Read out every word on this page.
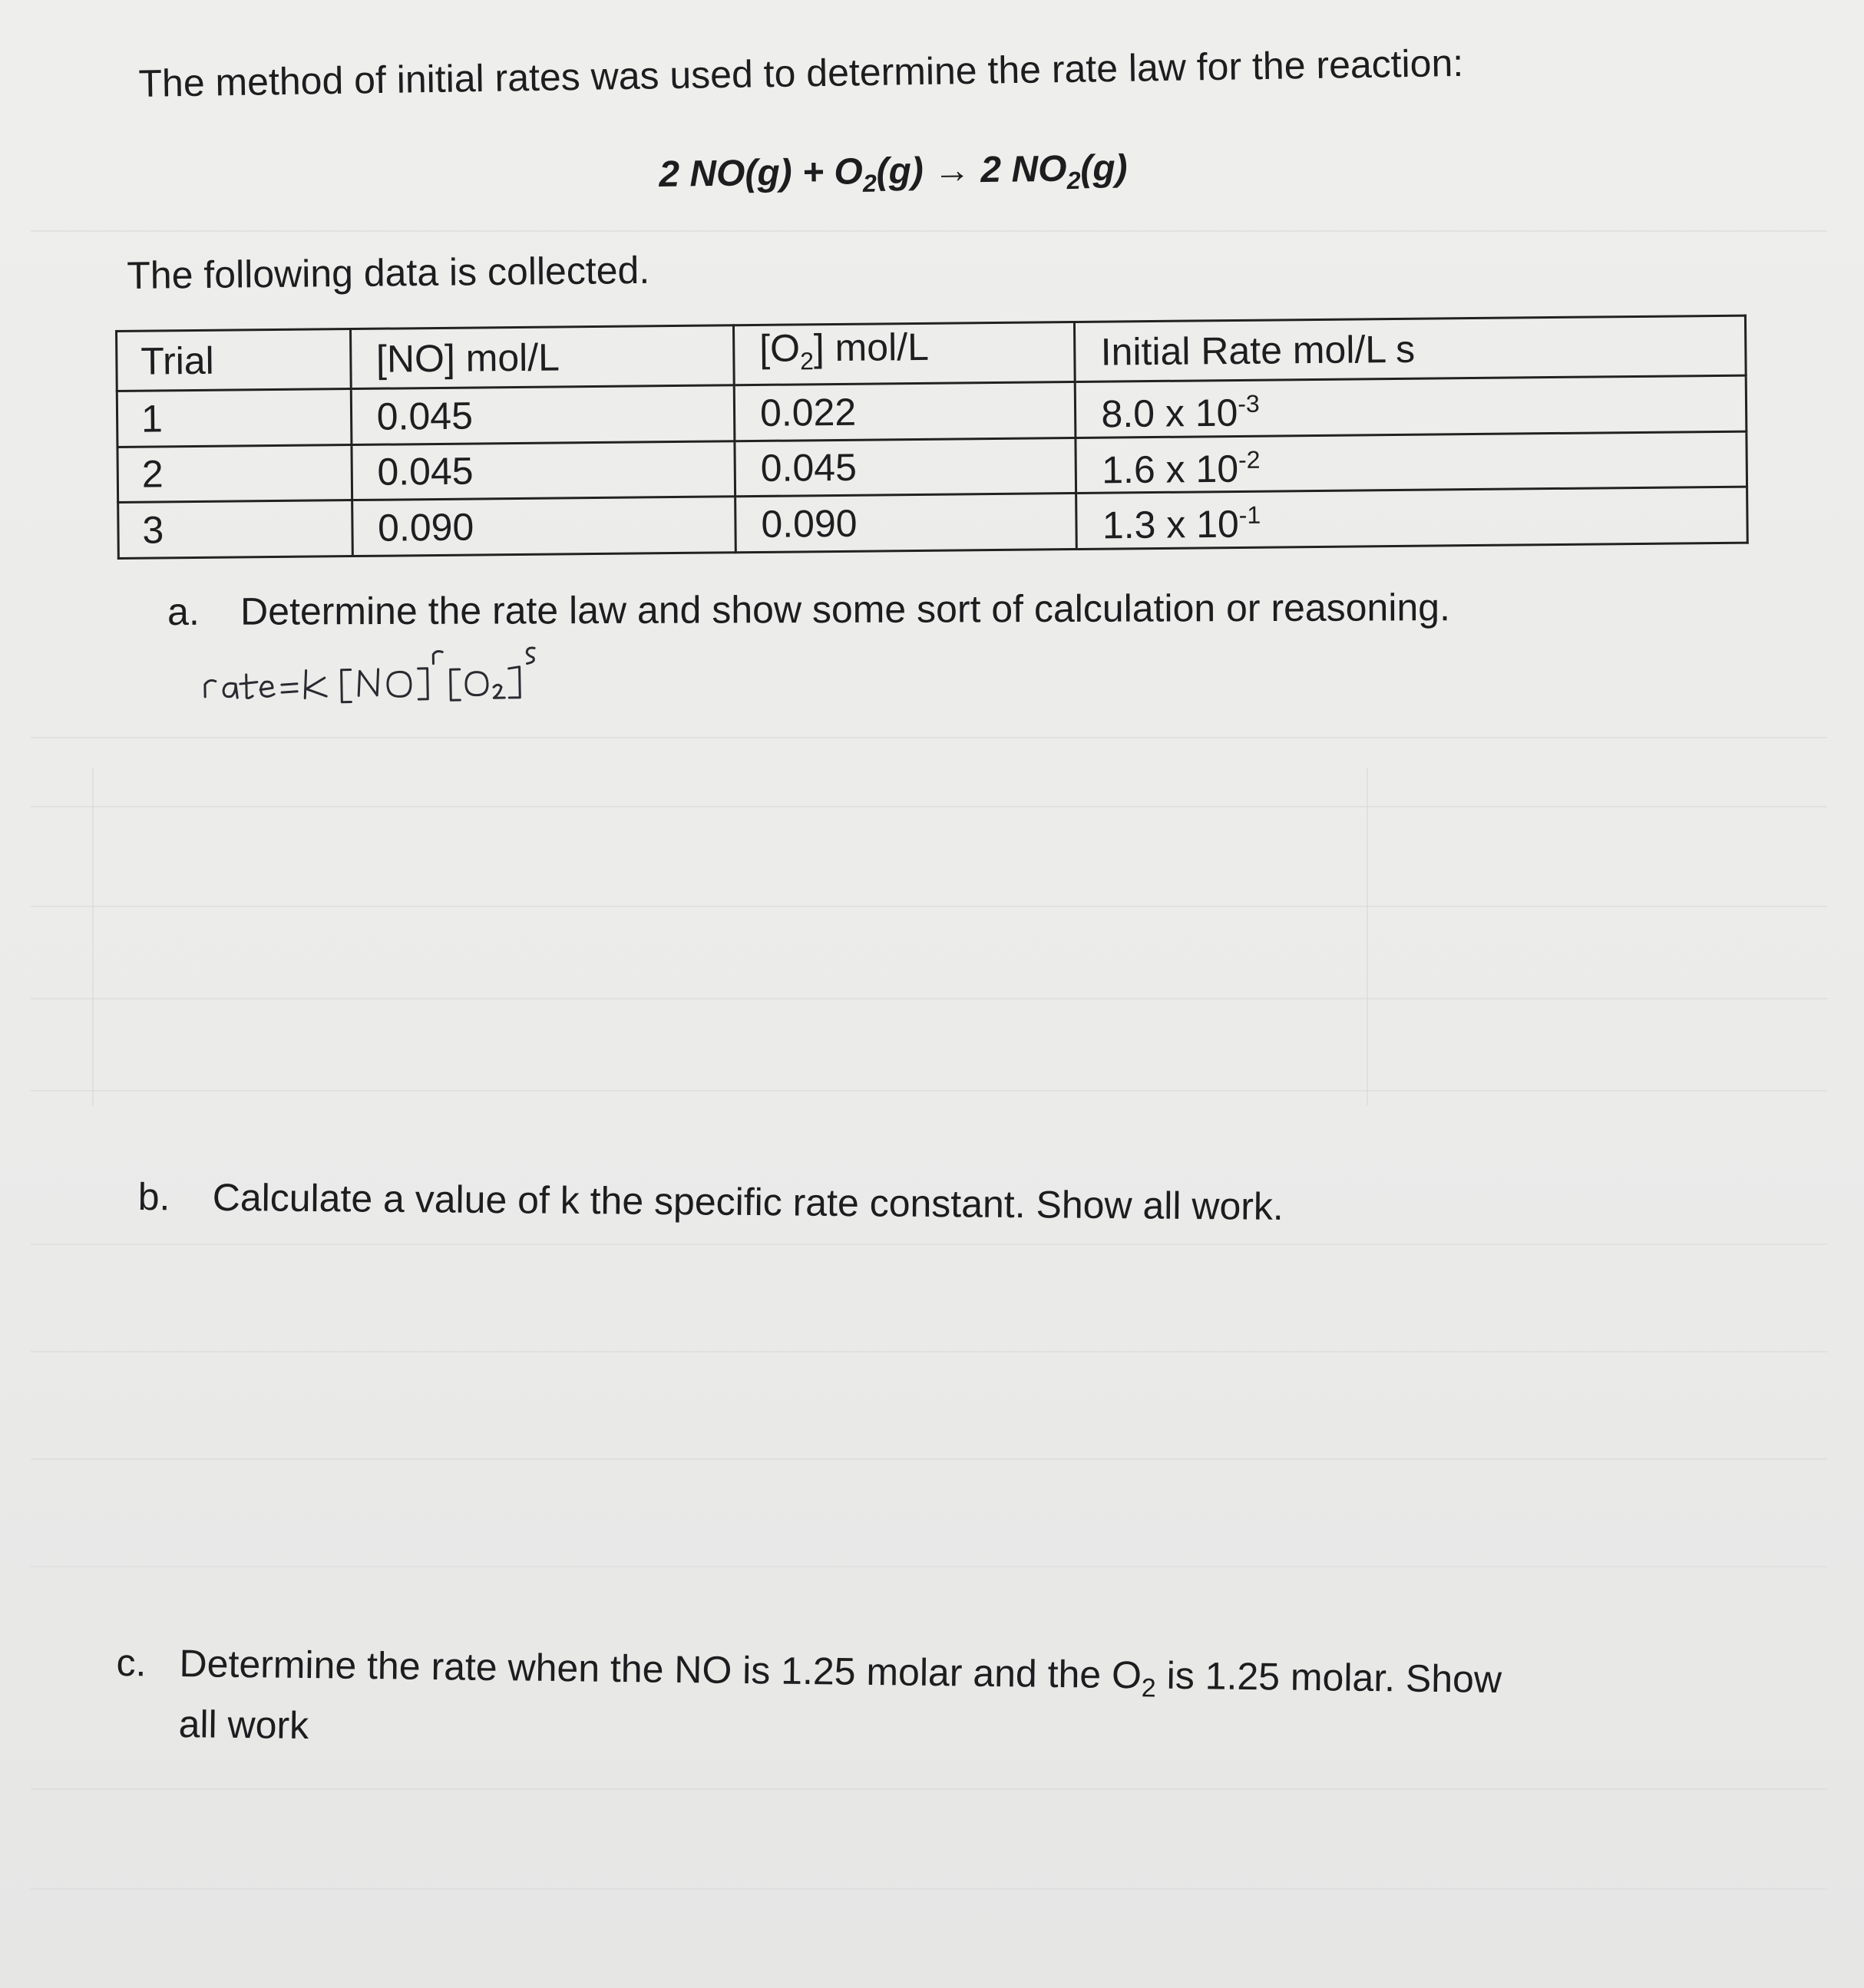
The method of initial rates was used to determine the rate law for the reaction:
2 $NO(g) + O_2(g) \to 2$ $NO_2(g)$
The following data is collected.
Trial	[NO] mol/L	$[O_2]$ mol/L	Initial Rate mol/L s
1	0.045	0.022	8.0 x $10^{-3}$
2	0.045	0.045	1.6 x $10^{-2}$
3	0.090	0.090	1.3 x $10^{-1}$
a. Determine the rate law and show some sort of calculation or reasoning.
b. Calculate a value of k the specific rate constant. Show all work.
c. Determine the rate when the NO is 1.25 molar and the $O_2$ is 1.25 molar. Show
all work
